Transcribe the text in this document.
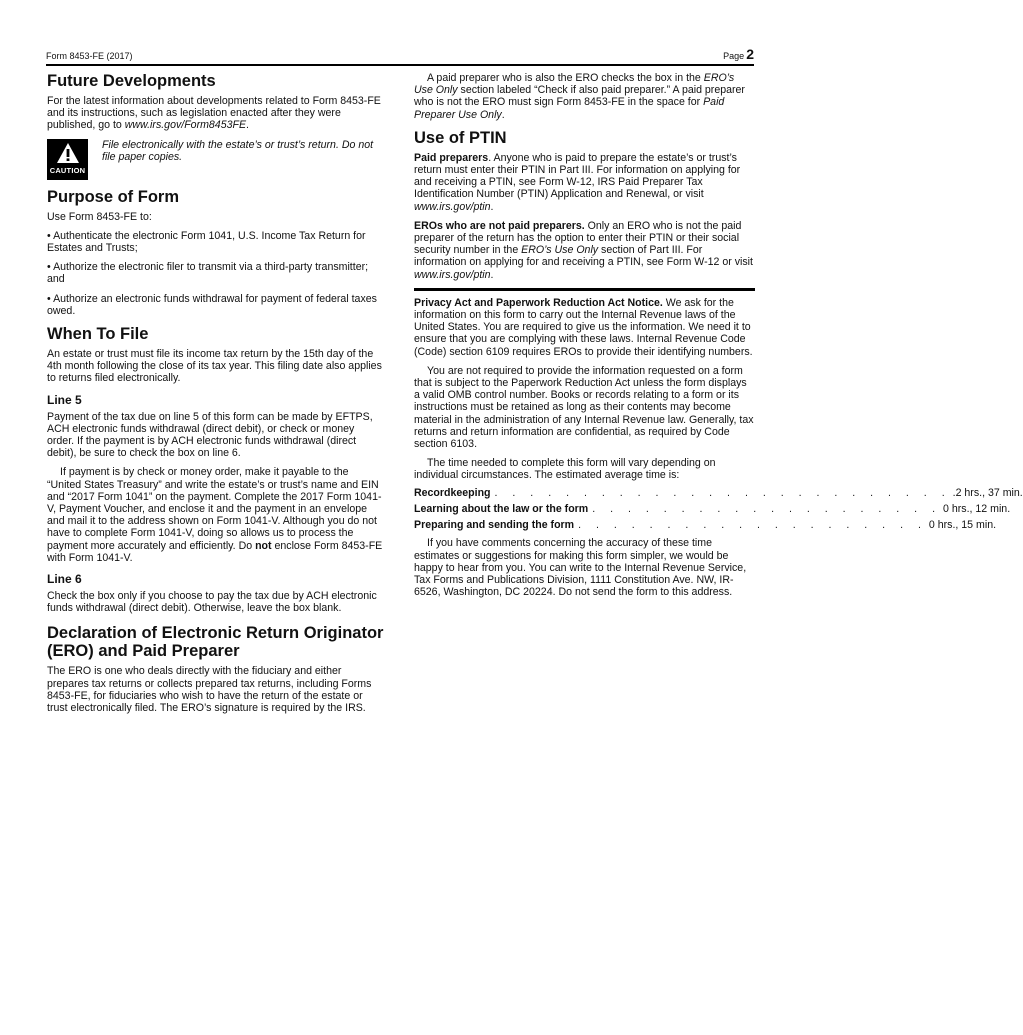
Form 8453-FE (2017)	Page 2
Future Developments

For the latest information about developments related to Form 8453-FE and its instructions, such as legislation enacted after they were published, go to www.irs.gov/Form8453FE.

CAUTION
File electronically with the estate’s or trust’s return. Do not file paper copies.
Purpose of Form

Use Form 8453-FE to:

• Authenticate the electronic Form 1041, U.S. Income Tax Return for Estates and Trusts;

• Authorize the electronic filer to transmit via a third-party transmitter; and

• Authorize an electronic funds withdrawal for payment of federal taxes owed.

When To File

An estate or trust must file its income tax return by the 15th day of the 4th month following the close of its tax year. This filing date also applies to returns filed electronically.

Line 5

Payment of the tax due on line 5 of this form can be made by EFTPS, ACH electronic funds withdrawal (direct debit), or check or money order. If the payment is by ACH electronic funds withdrawal (direct debit), be sure to check the box on line 6.

If payment is by check or money order, make it payable to the “United States Treasury” and write the estate’s or trust’s name and EIN and “2017 Form 1041” on the payment. Complete the 2017 Form 1041-V, Payment Voucher, and enclose it and the payment in an envelope and mail it to the address shown on Form 1041-V. Although you do not have to complete Form 1041-V, doing so allows us to process the payment more accurately and efficiently. Do not enclose Form 8453-FE with Form 1041-V.

Line 6

Check the box only if you choose to pay the tax due by ACH electronic funds withdrawal (direct debit). Otherwise, leave the box blank.

Declaration of Electronic Return Originator (ERO) and Paid Preparer

The ERO is one who deals directly with the fiduciary and either prepares tax returns or collects prepared tax returns, including Forms 8453-FE, for fiduciaries who wish to have the return of the estate or trust electronically filed. The ERO’s signature is required by the IRS.

A paid preparer who is also the ERO checks the box in the ERO’s Use Only section labeled “Check if also paid preparer.” A paid preparer who is not the ERO must sign Form 8453-FE in the space for Paid Preparer Use Only.

Use of PTIN

Paid preparers. Anyone who is paid to prepare the estate’s or trust’s return must enter their PTIN in Part III. For information on applying for and receiving a PTIN, see Form W-12, IRS Paid Preparer Tax Identification Number (PTIN) Application and Renewal, or visit www.irs.gov/ptin.

EROs who are not paid preparers. Only an ERO who is not the paid preparer of the return has the option to enter their PTIN or their social security number in the ERO’s Use Only section of Part III. For information on applying for and receiving a PTIN, see Form W-12 or visit www.irs.gov/ptin.

Privacy Act and Paperwork Reduction Act Notice. We ask for the information on this form to carry out the Internal Revenue laws of the United States. You are required to give us the information. We need it to ensure that you are complying with these laws. Internal Revenue Code (Code) section 6109 requires EROs to provide their identifying numbers.

You are not required to provide the information requested on a form that is subject to the Paperwork Reduction Act unless the form displays a valid OMB control number. Books or records relating to a form or its instructions must be retained as long as their contents may become material in the administration of any Internal Revenue law. Generally, tax returns and return information are confidential, as required by Code section 6103.

The time needed to complete this form will vary depending on individual circumstances. The estimated average time is:

Recordkeeping . . . . . . . . . . . . . . . . . . . . . . . . . . .2 hrs., 37 min.
Learning about the law or the form . . . . . . . . . . . . . . . . . . . . 0 hrs., 12 min.
Preparing and sending the form . . . . . . . . . . . . . . . . . . . . 0 hrs., 15 min.

If you have comments concerning the accuracy of these time estimates or suggestions for making this form simpler, we would be happy to hear from you. You can write to the Internal Revenue Service, Tax Forms and Publications Division, 1111 Constitution Ave. NW, IR-6526, Washington, DC 20224. Do not send the form to this address.
